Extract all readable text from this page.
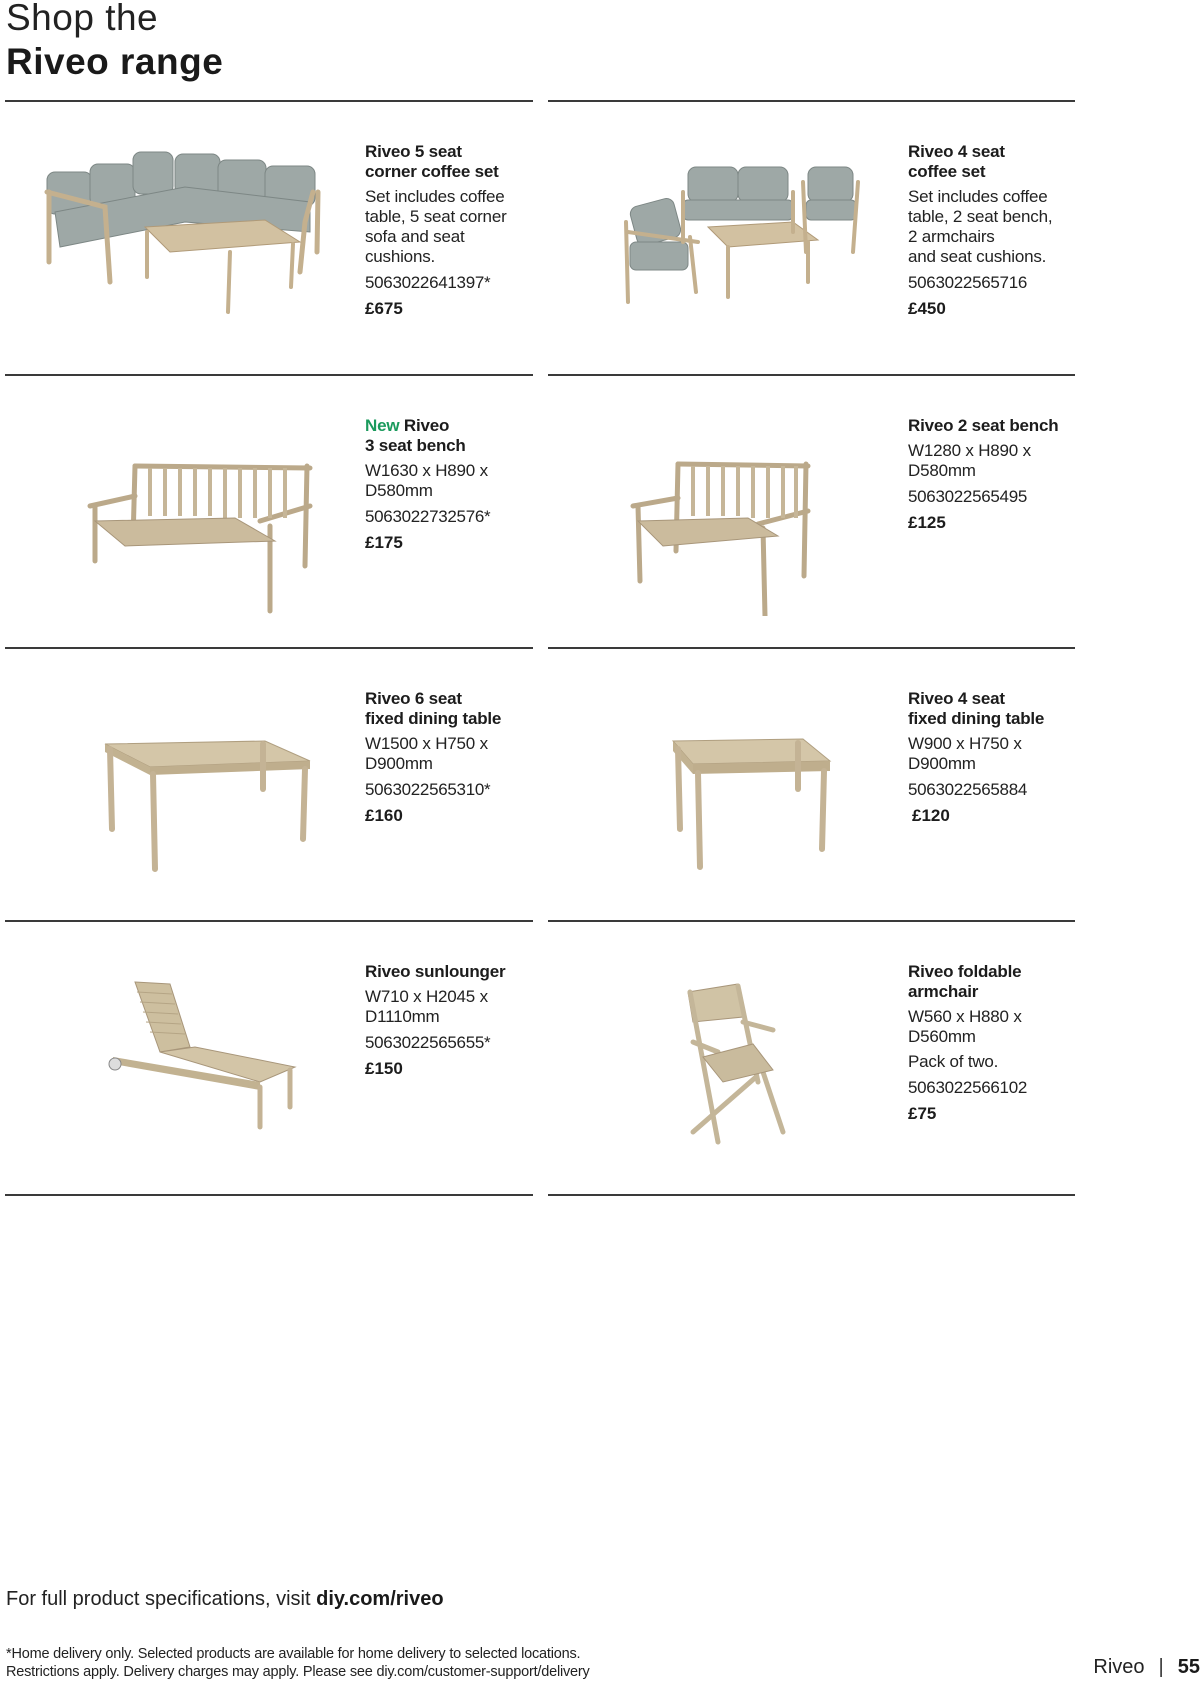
Shop the
Riveo range
Riveo 5 seat
corner coffee set
Set includes coffee
table, 5 seat corner
sofa and seat
cushions.
5063022641397*
£675
Riveo 4 seat
coffee set
Set includes coffee
table, 2 seat bench,
2 armchairs
and seat cushions.
5063022565716
£450
New Riveo
3 seat bench
W1630 x H890 x
D580mm
5063022732576*
£175
Riveo 2 seat bench
W1280 x H890 x
D580mm
5063022565495
£125
Riveo 6 seat
fixed dining table
W1500 x H750 x
D900mm
5063022565310*
£160
Riveo 4 seat
fixed dining table
W900 x H750 x
D900mm
5063022565884
£120
Riveo sunlounger
W710 x H2045 x
D1110mm
5063022565655*
£150
Riveo foldable
armchair
W560 x H880 x
D560mm
Pack of two.
5063022566102
£75
For full product specifications, visit diy.com/riveo
*Home delivery only. Selected products are available for home delivery to selected locations.
Restrictions apply. Delivery charges may apply. Please see diy.com/customer-support/delivery	Riveo | 55
